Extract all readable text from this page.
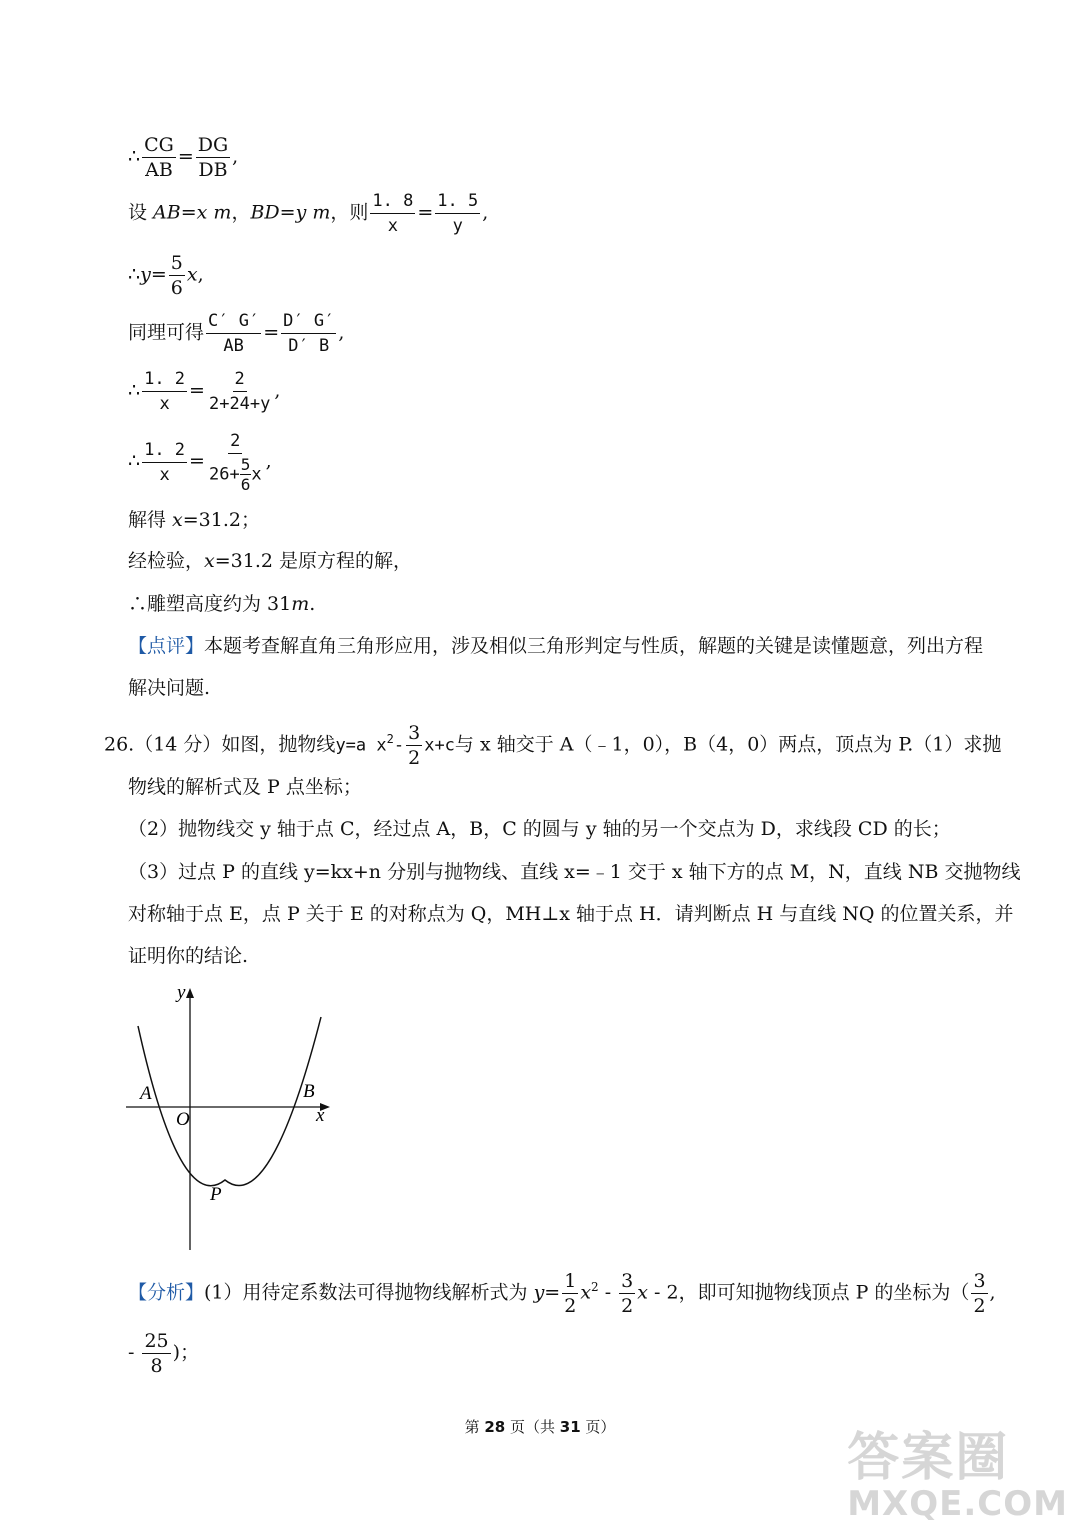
∴ $\frac{CG}{AB} = \frac{DG}{DB}$ ,
设 AB=x m，BD=y m，则 $\frac{1. 8}{x} = \frac{1. 5}{y}$ ,
∴y= $\frac{5}{6} x$,
同理可得 $\frac{C' G'}{AB} = \frac{D' G'}{D' B}$ ,
∴ $\frac{1. 2}{x} = \frac{2}{2+24+y}$ ,
∴ $\frac{1. 2}{x} = \frac{2}{26+ \frac{5}{6} x}$ ,
解得 x=31.2；
经检验，x=31.2 是原方程的解，
∴雕塑高度约为 31m.
【点评】本题考查解直角三角形应用，涉及相似三角形判定与性质，解题的关键是读懂题意，列出方程
解决问题.
26.（14 分）如图，抛物线y=a $x^2- \frac{3}{2} x+c$与 x 轴交于 A（﹣1，0），B（4，0）两点，顶点为 P.（1）求抛
物线的解析式及 P 点坐标；
（2）抛物线交 y 轴于点 C，经过点 A，B，C 的圆与 y 轴的另一个交点为 D，求线段 CD 的长；
（3）过点 P 的直线 y=kx+n 分别与抛物线、直线 x=﹣1 交于 x 轴下方的点 M，N，直线 NB 交抛物线
对称轴于点 E，点 P 关于 E 的对称点为 Q，MH⊥x 轴于点 H．请判断点 H 与直线 NQ 的位置关系，并
证明你的结论.
y
x
A	B
O
P
【分析】(1）用待定系数法可得抛物线解析式为 $y= \frac{1}{2} x^2 - \frac{3}{2}$ x - 2，即可知抛物线顶点 P 的坐标为（ $\frac{3}{2}$ ,
- $\frac{25}{8}$ )；
第 28 页（共 31 页）
答案圈
MXQE.COM
